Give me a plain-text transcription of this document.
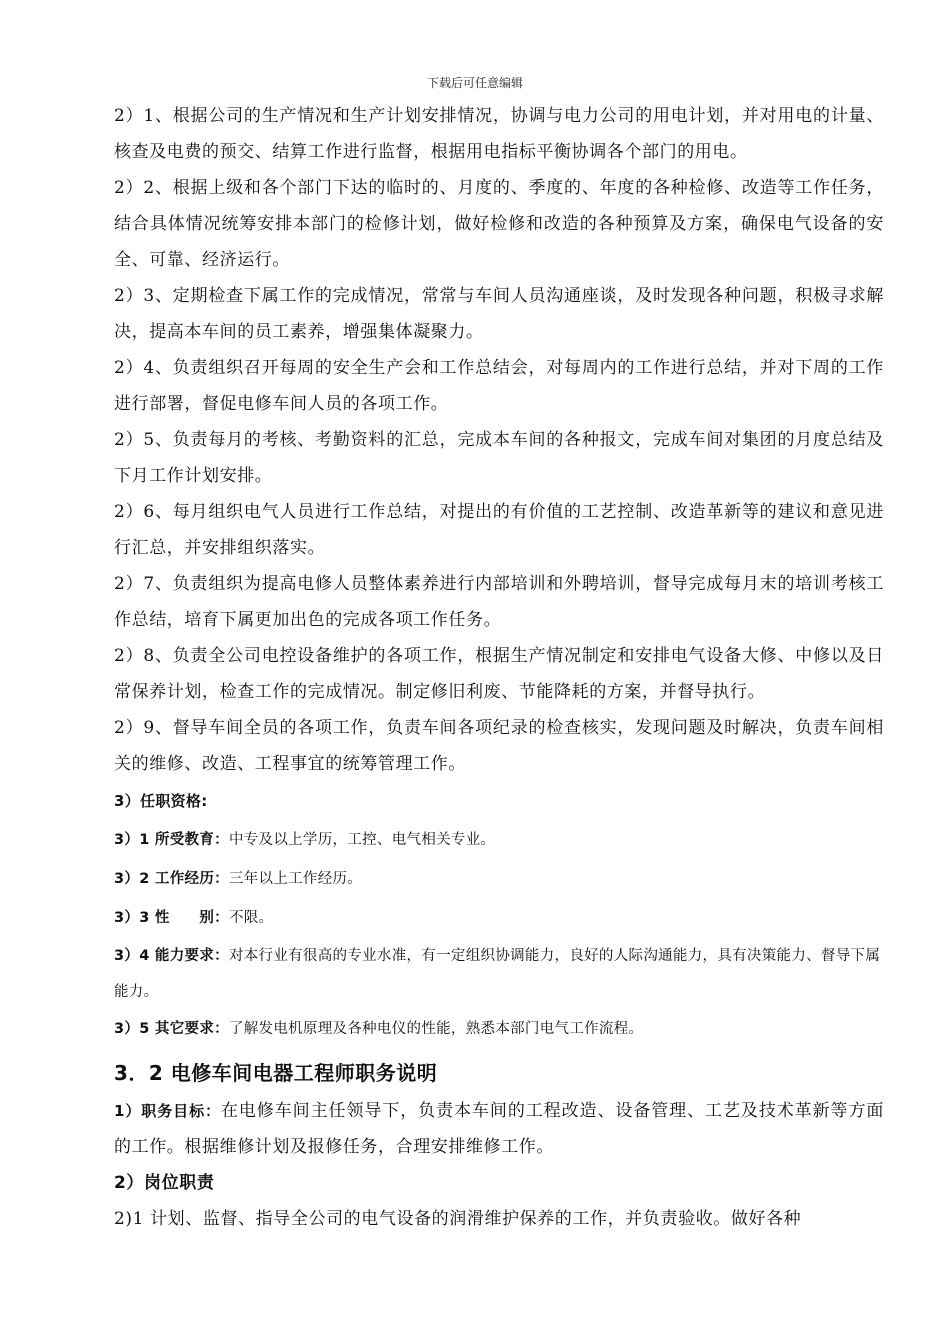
下载后可任意编辑

2）1、根据公司的生产情况和生产计划安排情况，协调与电力公司的用电计划，并对用电的计量、核查及电费的预交、结算工作进行监督，根据用电指标平衡协调各个部门的用电。

2）2、根据上级和各个部门下达的临时的、月度的、季度的、年度的各种检修、改造等工作任务，结合具体情况统筹安排本部门的检修计划，做好检修和改造的各种预算及方案，确保电气设备的安全、可靠、经济运行。

2）3、定期检查下属工作的完成情况，常常与车间人员沟通座谈，及时发现各种问题，积极寻求解决，提高本车间的员工素养，增强集体凝聚力。

2）4、负责组织召开每周的安全生产会和工作总结会，对每周内的工作进行总结，并对下周的工作进行部署，督促电修车间人员的各项工作。

2）5、负责每月的考核、考勤资料的汇总，完成本车间的各种报文，完成车间对集团的月度总结及下月工作计划安排。

2）6、每月组织电气人员进行工作总结，对提出的有价值的工艺控制、改造革新等的建议和意见进行汇总，并安排组织落实。

2）7、负责组织为提高电修人员整体素养进行内部培训和外聘培训，督导完成每月末的培训考核工作总结，培育下属更加出色的完成各项工作任务。

2）8、负责全公司电控设备维护的各项工作，根据生产情况制定和安排电气设备大修、中修以及日常保养计划，检查工作的完成情况。制定修旧利废、节能降耗的方案，并督导执行。

2）9、督导车间全员的各项工作，负责车间各项纪录的检查核实，发现问题及时解决，负责车间相关的维修、改造、工程事宜的统筹管理工作。

3）任职资格:

3）1 所受教育：中专及以上学历，工控、电气相关专业。

3）2 工作经历：三年以上工作经历。

3）3 性　　别：不限。

3）4 能力要求：对本行业有很高的专业水准，有一定组织协调能力，良好的人际沟通能力，具有决策能力、督导下属能力。

3）5 其它要求：了解发电机原理及各种电仪的性能，熟悉本部门电气工作流程。

3．2 电修车间电器工程师职务说明

1）职务目标：在电修车间主任领导下，负责本车间的工程改造、设备管理、工艺及技术革新等方面的工作。根据维修计划及报修任务，合理安排维修工作。

2）岗位职责

2)1 计划、监督、指导全公司的电气设备的润滑维护保养的工作，并负责验收。做好各种
